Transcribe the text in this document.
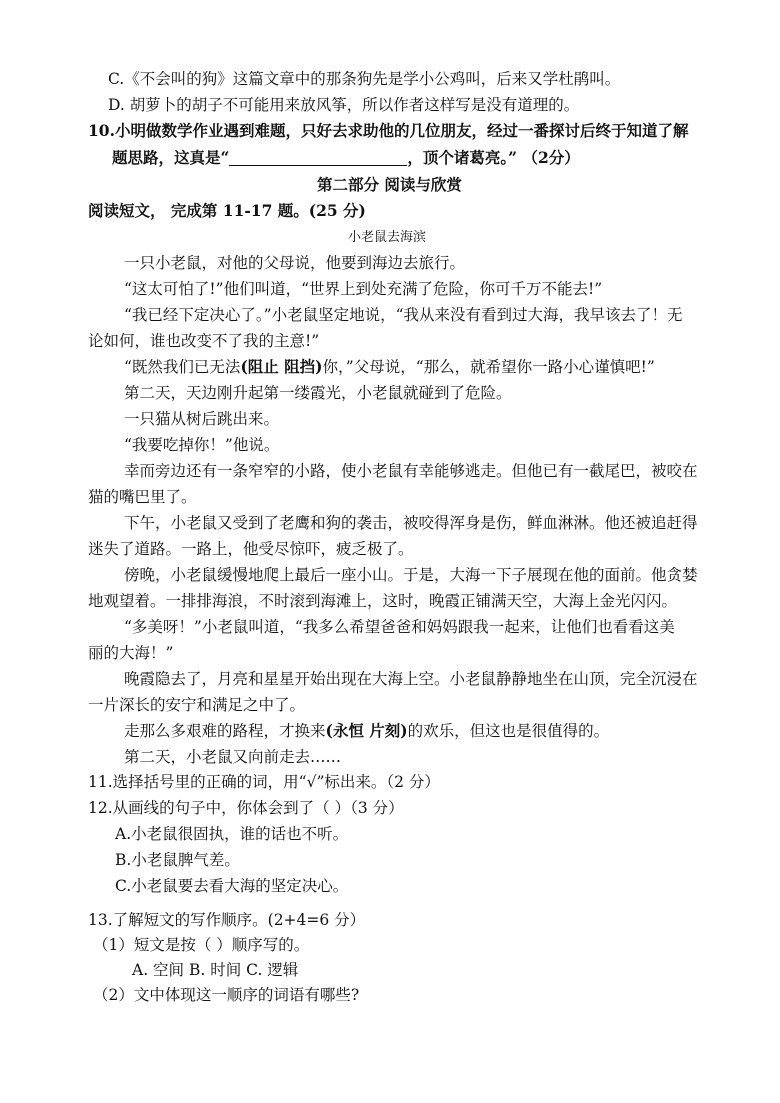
C.《不会叫的狗》这篇文章中的那条狗先是学小公鸡叫，后来又学杜鹃叫。
D. 胡萝卜的胡子不可能用来放风筝，所以作者这样写是没有道理的。
10.小明做数学作业遇到难题，只好去求助他的几位朋友，经过一番探讨后终于知道了解
题思路，这真是“	，顶个诸葛亮。” （2分）
第二部分 阅读与欣赏
阅读短文， 完成第 11-17 题。(25 分)
小老鼠去海滨
一只小老鼠，对他的父母说，他要到海边去旅行。
“这太可怕了!”他们叫道，“世界上到处充满了危险，你可千万不能去!”
“我已经下定决心了。”小老鼠坚定地说，“我从来没有看到过大海，我早该去了！无
论如何，谁也改变不了我的主意!”
“既然我们已无法(阻止 阻挡)你，”父母说，“那么，就希望你一路小心谨慎吧!”
第二天，天边刚升起第一缕霞光，小老鼠就碰到了危险。
一只猫从树后跳出来。
“我要吃掉你！”他说。
幸而旁边还有一条窄窄的小路，使小老鼠有幸能够逃走。但他已有一截尾巴，被咬在
猫的嘴巴里了。
下午，小老鼠又受到了老鹰和狗的袭击，被咬得浑身是伤，鲜血淋淋。他还被追赶得
迷失了道路。一路上，他受尽惊吓，疲乏极了。
傍晚，小老鼠缓慢地爬上最后一座小山。于是，大海一下子展现在他的面前。他贪婪
地观望着。一排排海浪，不时滚到海滩上，这时，晚霞正铺满天空，大海上金光闪闪。
“多美呀！”小老鼠叫道，“我多么希望爸爸和妈妈跟我一起来，让他们也看看这美
丽的大海！”
晚霞隐去了，月亮和星星开始出现在大海上空。小老鼠静静地坐在山顶，完全沉浸在
一片深长的安宁和满足之中了。
走那么多艰难的路程，才换来(永恒 片刻)的欢乐，但这也是很值得的。
第二天，小老鼠又向前走去……
11.选择括号里的正确的词，用“√”标出来。（2 分）
12.从画线的句子中，你体会到了（ ）（3 分）
A.小老鼠很固执，谁的话也不听。
B.小老鼠脾气差。
C.小老鼠要去看大海的坚定决心。
13.了解短文的写作顺序。(2+4=6 分）
（1）短文是按（ ）顺序写的。
A. 空间 B. 时间 C. 逻辑
（2）文中体现这一顺序的词语有哪些?
